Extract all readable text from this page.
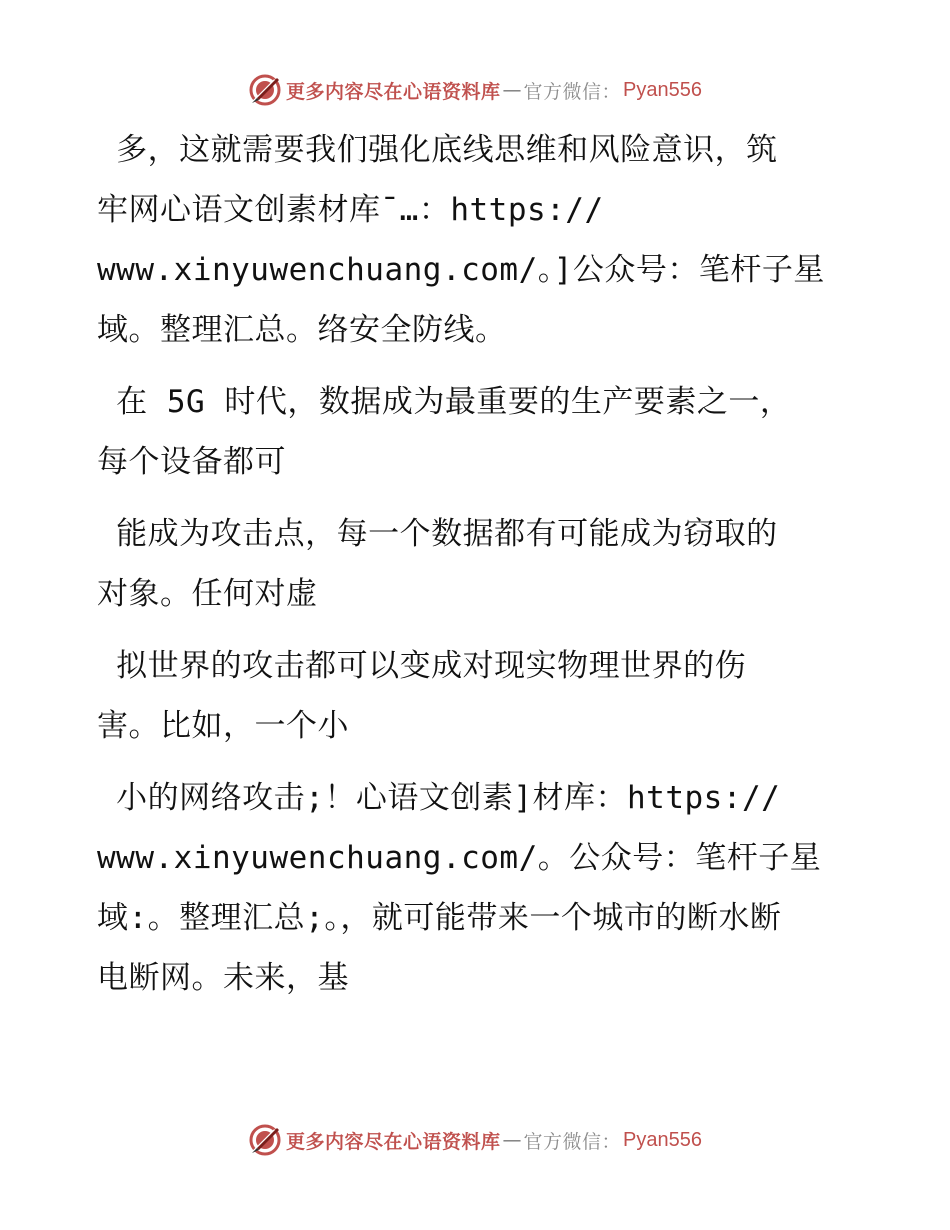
更多内容尽在心语资料库 — 官方微信： Pyan556
多，这就需要我们强化底线思维和风险意识，筑
牢网心语文创素材库¯…：https://
www.xinyuwenchuang.com/。]公众号：笔杆子星
域。整理汇总。络安全防线。
在 5G 时代，数据成为最重要的生产要素之一，
每个设备都可
能成为攻击点，每一个数据都有可能成为窃取的
对象。任何对虚
拟世界的攻击都可以变成对现实物理世界的伤
害。比如，一个小
小的网络攻击;！心语文创素]材库：https://
www.xinyuwenchuang.com/。公众号：笔杆子星
域:。整理汇总;。，就可能带来一个城市的断水断
电断网。未来，基
更多内容尽在心语资料库 — 官方微信： Pyan556
